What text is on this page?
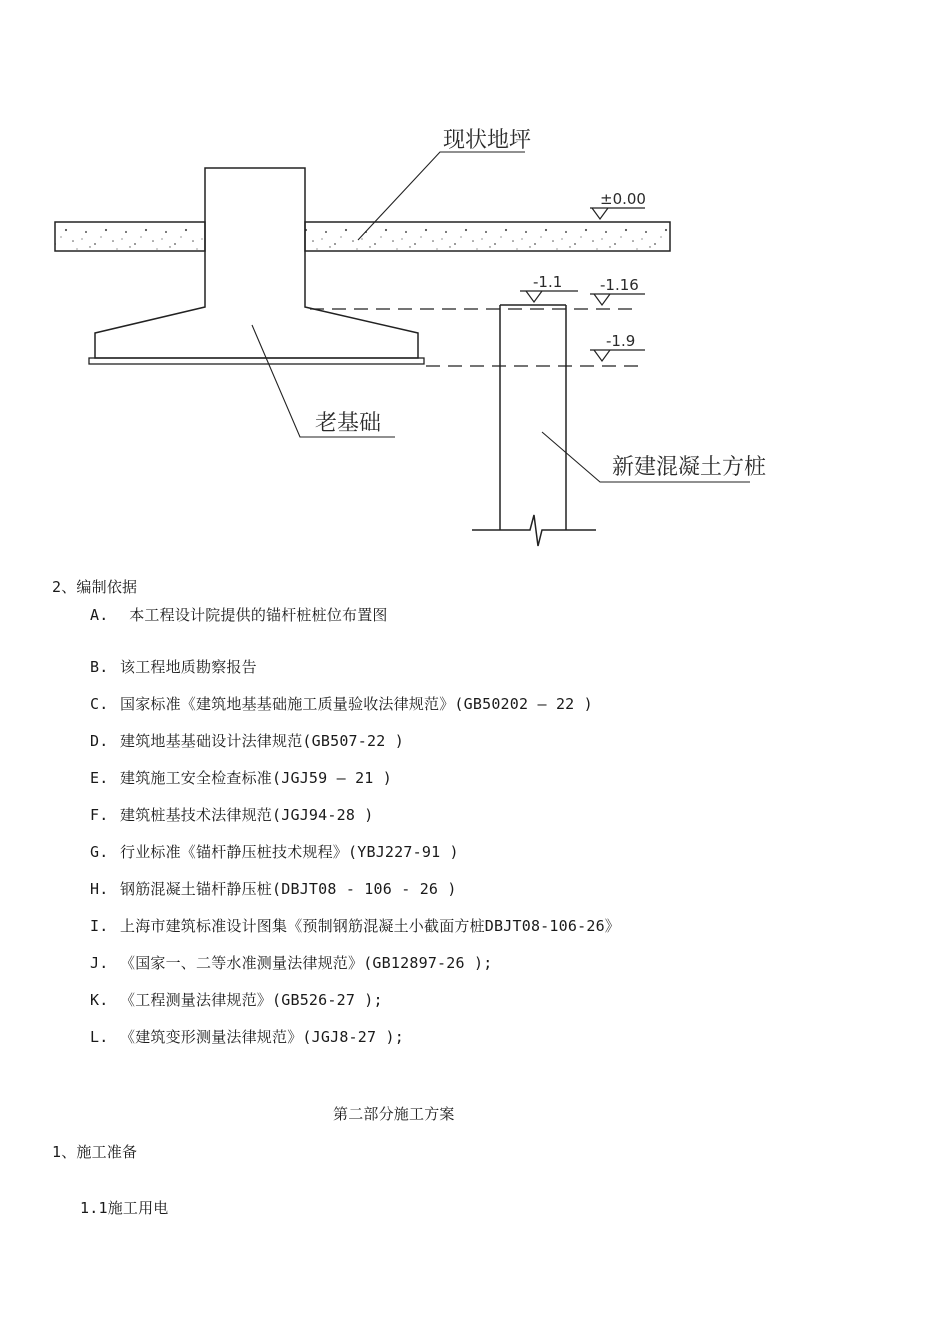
±0.00
-1.1	-1.16
-1.9
现状地坪
老基础
新建混凝土方桩
2、编制依据
A. 本工程设计院提供的锚杆桩桩位布置图
B. 该工程地质勘察报告
C. 国家标准《建筑地基基础施工质量验收法律规范》(GB50202 — 22 )
D. 建筑地基基础设计法律规范(GB507-22 )
E. 建筑施工安全检查标准(JGJ59 — 21 )
F. 建筑桩基技术法律规范(JGJ94-28 )
G. 行业标准《锚杆静压桩技术规程》(YBJ227-91 )
H. 钢筋混凝土锚杆静压桩(DBJT08 - 106 - 26 )
I. 上海市建筑标准设计图集《预制钢筋混凝土小截面方桩DBJT08-106-26》
J. 《国家一、二等水准测量法律规范》(GB12897-26 );
K. 《工程测量法律规范》(GB526-27 );
L. 《建筑变形测量法律规范》(JGJ8-27 );
第二部分施工方案
1、施工准备
1.1施工用电
